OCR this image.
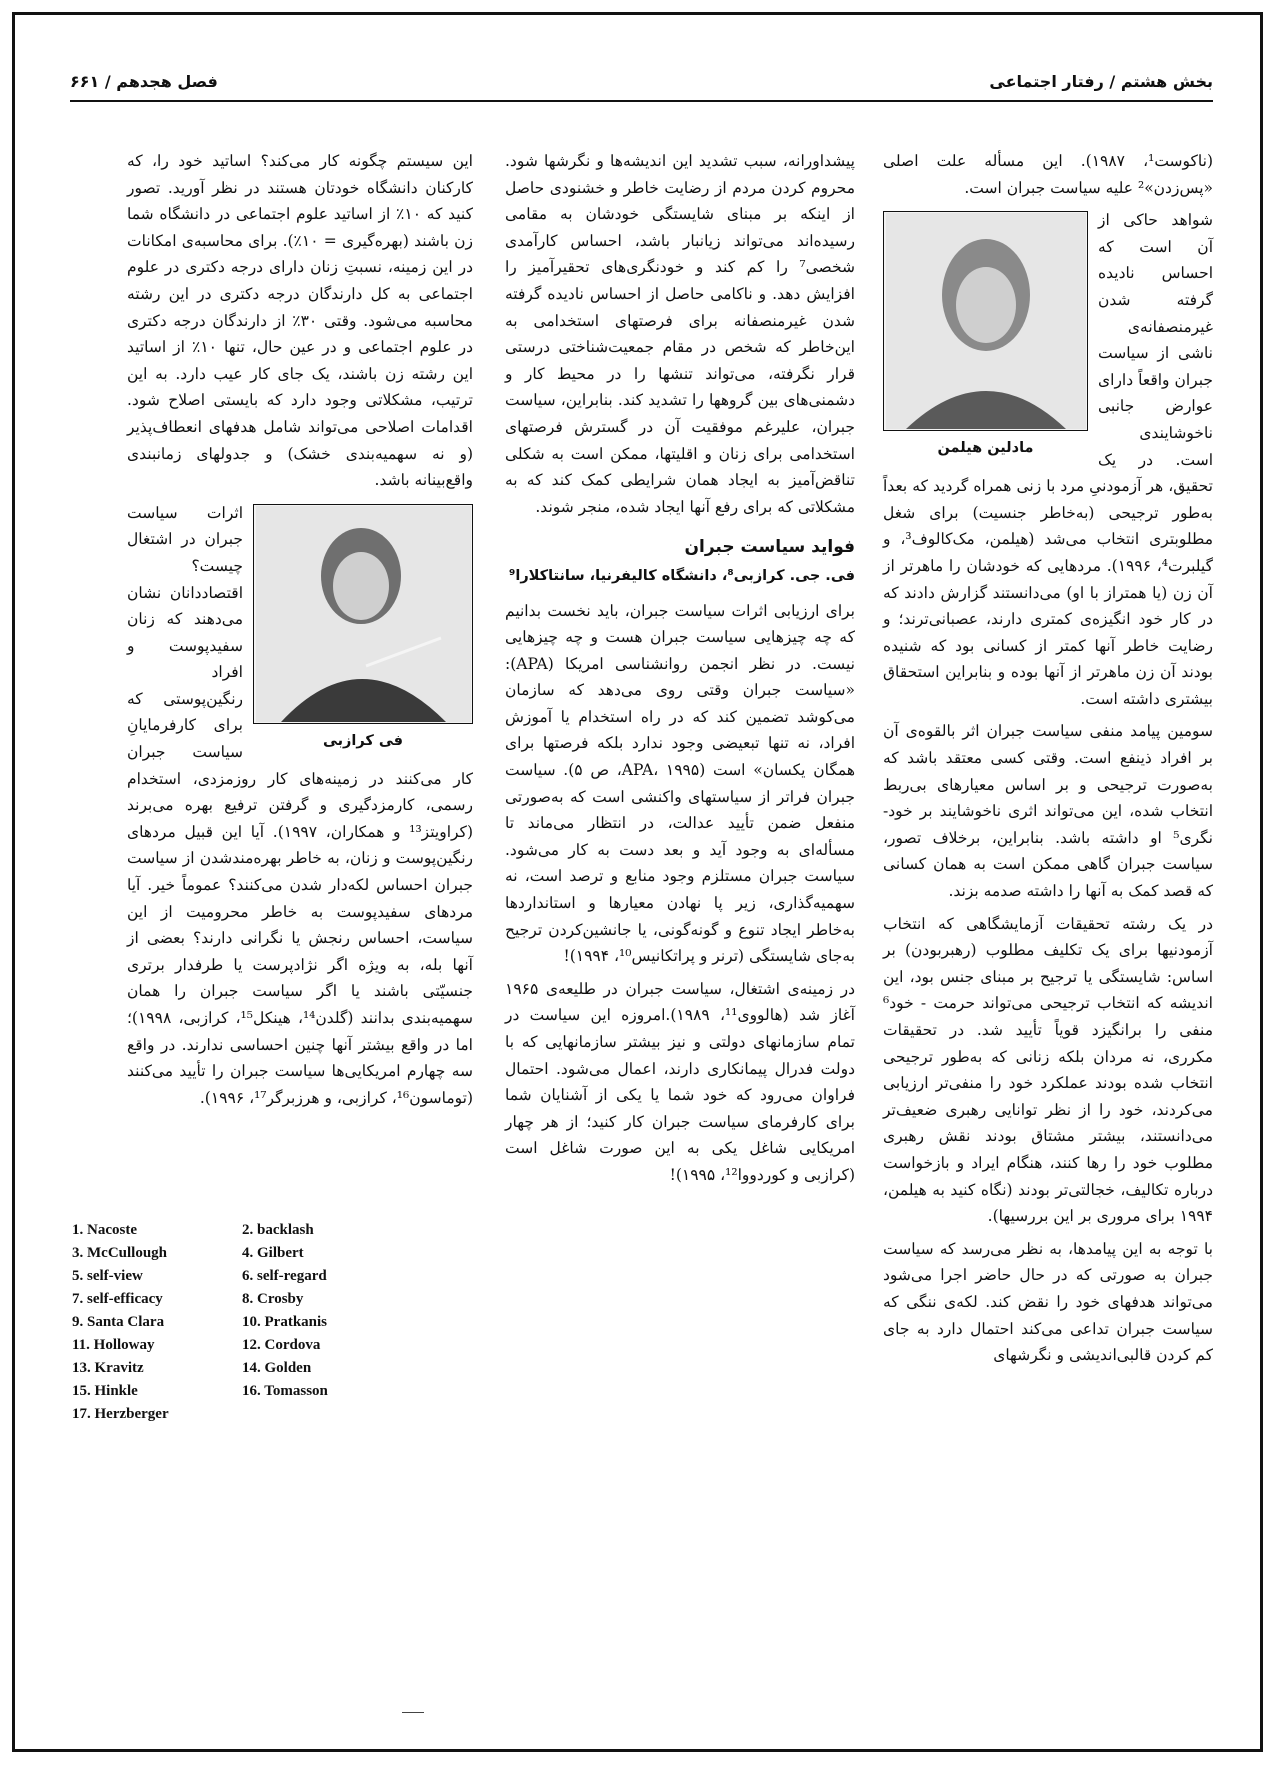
بخش هشتم / رفتار اجتماعی
فصل هجدهم / ۶۶۱

(ناکوست¹، ۱۹۸۷). این مسأله علت اصلی «پس‌زدن»² علیه سیاست جبران است.

مادلین هیلمن

شواهد حاکی از آن است که احساس نادیده گرفته شدن غیرمنصفانه‌ی ناشی از سیاست جبران واقعاً دارای عوارض جانبی ناخوشایندی است. در یک تحقیق، هر آزمودنیِ مرد با زنی همراه گردید که بعداً به‌طور ترجیحی (به‌خاطر جنسیت) برای شغل مطلوبتری انتخاب می‌شد (هیلمن، مک‌کالوف³، و گیلبرت⁴، ۱۹۹۶). مردهایی که خودشان را ماهرتر از آن زن (یا همتراز با او) می‌دانستند گزارش دادند که در کار خود انگیزه‌ی کمتری دارند، عصبانی‌ترند؛ و رضایت خاطر آنها کمتر از کسانی بود که شنیده بودند آن زن ماهرتر از آنها بوده و بنابراین استحقاق بیشتری داشته است.

سومین پیامد منفی سیاست جبران اثر بالقوه‌ی آن بر افراد ذینفع است. وقتی کسی معتقد باشد که به‌صورت ترجیحی و بر اساس معیارهای بی‌ربط انتخاب شده، این می‌تواند اثری ناخوشایند بر خود-نگری⁵ او داشته باشد. بنابراین، برخلاف تصور، سیاست جبران گاهی ممکن است به همان کسانی که قصد کمک به آنها را داشته صدمه بزند.

در یک رشته تحقیقات آزمایشگاهی که انتخاب آزمودنیها برای یک تکلیف مطلوب (رهبربودن) بر اساس: شایستگی یا ترجیح بر مبنای جنس بود، این اندیشه که انتخاب ترجیحی می‌تواند حرمت - خود⁶ منفی را برانگیزد قویاً تأیید شد. در تحقیقات مکرری، نه مردان بلکه زنانی که به‌طور ترجیحی انتخاب شده بودند عملکرد خود را منفی‌تر ارزیابی می‌کردند، خود را از نظر توانایی رهبری ضعیف‌تر می‌دانستند، بیشتر مشتاق بودند نقش رهبری مطلوب خود را رها کنند، هنگام ایراد و بازخواست درباره تکالیف، خجالتی‌تر بودند (نگاه کنید به هیلمن، ۱۹۹۴ برای مروری بر این بررسیها).

با توجه به این پیامدها، به نظر می‌رسد که سیاست جبران به صورتی که در حال حاضر اجرا می‌شود می‌تواند هدفهای خود را نقض کند. لکه‌ی ننگی که سیاست جبران تداعی می‌کند احتمال دارد به جای کم کردن قالبی‌اندیشی و نگرشهای

پیشداورانه، سبب تشدید این اندیشه‌ها و نگرشها شود. محروم کردن مردم از رضایت خاطر و خشنودی حاصل از اینکه بر مبنای شایستگی خودشان به مقامی رسیده‌اند می‌تواند زیانبار باشد، احساس کارآمدی شخصی⁷ را کم کند و خودنگری‌های تحقیرآمیز را افزایش دهد. و ناکامی حاصل از احساس نادیده گرفته شدن غیرمنصفانه برای فرصتهای استخدامی به این‌خاطر که شخص در مقام جمعیت‌شناختی درستی قرار نگرفته، می‌تواند تنشها را در محیط کار و دشمنی‌های بین گروهها را تشدید کند. بنابراین، سیاست جبران، علیرغم موفقیت آن در گسترش فرصتهای استخدامی برای زنان و اقلیتها، ممکن است به شکلی تناقض‌آمیز به ایجاد همان شرایطی کمک کند که به مشکلاتی که برای رفع آنها ایجاد شده، منجر شوند.

فواید سیاست جبران
فی. جی. کرازبی⁸، دانشگاه کالیفرنیا، سانتاکلارا⁹

برای ارزیابی اثرات سیاست جبران، باید نخست بدانیم که چه چیزهایی سیاست جبران هست و چه چیزهایی نیست. در نظر انجمن روانشناسی امریکا (APA): «سیاست جبران وقتی روی می‌دهد که سازمان می‌کوشد تضمین کند که در راه استخدام یا آموزش افراد، نه تنها تبعیضی وجود ندارد بلکه فرصتها برای همگان یکسان» است (APA، ۱۹۹۵، ص ۵). سیاست جبران فراتر از سیاستهای واکنشی است که به‌صورتی منفعل ضمن تأیید عدالت، در انتظار می‌ماند تا مسأله‌ای به وجود آید و بعد دست به کار می‌شود. سیاست جبران مستلزم وجود منابع و ترصد است، نه سهمیه‌گذاری، زیر پا نهادن معیارها و استانداردها به‌خاطر ایجاد تنوع و گونه‌گونی، یا جانشین‌کردن ترجیح به‌جای شایستگی (ترنر و پراتکانیس¹⁰، ۱۹۹۴)!

در زمینه‌ی اشتغال، سیاست جبران در طلیعه‌ی ۱۹۶۵ آغاز شد (هالووی¹¹، ۱۹۸۹).امروزه این سیاست در تمام سازمانهای دولتی و نیز بیشتر سازمانهایی که با دولت فدرال پیمانکاری دارند، اعمال می‌شود. احتمال فراوان می‌رود که خود شما یا یکی از آشنایان شما برای کارفرمای سیاست جبران کار کنید؛ از هر چهار امریکایی شاغل یکی به این صورت شاغل است (کرازبی و کوردووا¹²، ۱۹۹۵)!

این سیستم چگونه کار می‌کند؟ اساتید خود را، که کارکنان دانشگاه خودتان هستند در نظر آورید. تصور کنید که ۱۰٪ از اساتید علوم اجتماعی در دانشگاه شما زن باشند (بهره‌گیری = ۱۰٪). برای محاسبه‌ی امکانات در این زمینه، نسبتِ زنان دارای درجه دکتری در علوم اجتماعی به کل دارندگان درجه دکتری در این رشته محاسبه می‌شود. وقتی ۳۰٪ از دارندگان درجه دکتری در علوم اجتماعی و در عین حال، تنها ۱۰٪ از اساتید این رشته زن باشند، یک جای کار عیب دارد. به این ترتیب، مشکلاتی وجود دارد که بایستی اصلاح شود. اقدامات اصلاحی می‌تواند شامل هدفهای انعطاف‌پذیر (و نه سهمیه‌بندی خشک) و جدولهای زمانبندی واقع‌بینانه باشد.

فی کرازبی

اثرات سیاست جبران در اشتغال چیست؟ اقتصاددانان نشان می‌دهند که زنان سفیدپوست و افراد رنگین‌پوستی که برای کارفرمایانِ سیاست جبران کار می‌کنند در زمینه‌های کار روزمزدی، استخدام رسمی، کارمزدگیری و گرفتن ترفیع بهره می‌برند (کراویتز¹³ و همکاران، ۱۹۹۷). آیا این قبیل مردهای رنگین‌پوست و زنان، به خاطر بهره‌مندشدن از سیاست جبران احساس لکه‌دار شدن می‌کنند؟ عموماً خیر. آیا مردهای سفیدپوست به خاطر محرومیت از این سیاست، احساس رنجش یا نگرانی دارند؟ بعضی از آنها بله، به ویژه اگر نژادپرست یا طرفدار برتری جنسیّتی باشند یا اگر سیاست جبران را همان سهمیه‌بندی بدانند (گلدن¹⁴، هینکل¹⁵، کرازبی، ۱۹۹۸)؛ اما در واقع بیشتر آنها چنین احساسی ندارند. در واقع سه چهارم امریکایی‌ها سیاست جبران را تأیید می‌کنند (توماسون¹⁶، کرازبی، و هرزبرگر¹⁷، ۱۹۹۶).

1. Nacoste	2. backlash
3. McCullough	4. Gilbert
5. self-view	6. self-regard
7. self-efficacy	8. Crosby
9. Santa Clara	10. Pratkanis
11. Holloway	12. Cordova
13. Kravitz	14. Golden
15. Hinkle	16. Tomasson
17. Herzberger
